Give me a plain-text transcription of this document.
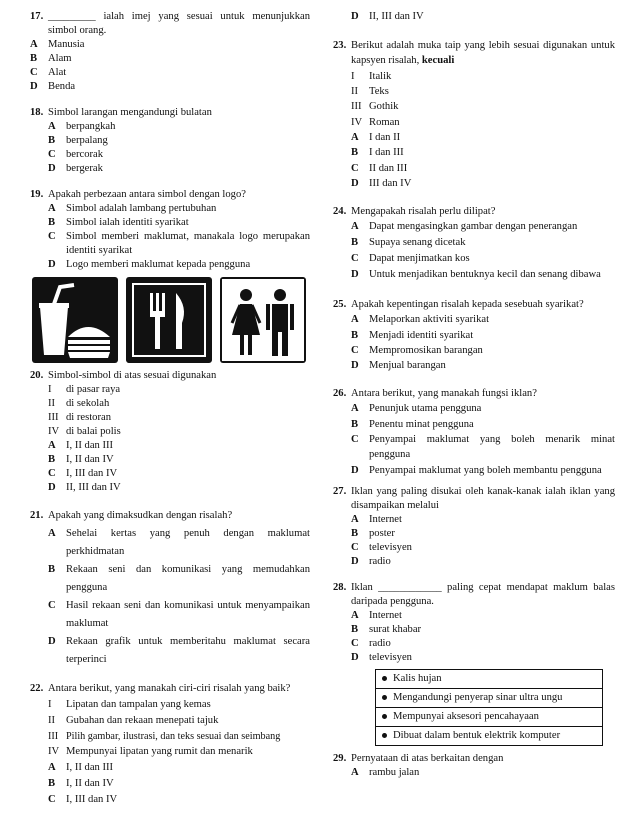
17. _________ ialah imej yang sesuai untuk menunjukkan simbol orang.
A Manusia
B Alam
C Alat
D Benda
18. Simbol larangan mengandungi bulatan
A berpangkah
B berpalang
C bercorak
D bergerak
19. Apakah perbezaan antara simbol dengan logo?
A Simbol adalah lambang pertubuhan
B Simbol ialah identiti syarikat
C Simbol memberi maklumat, manakala logo merupakan identiti syarikat
D Logo memberi maklumat kepada pengguna
20. Simbol-simbol di atas sesuai digunakan
I di pasar raya
II di sekolah
III di restoran
IV di balai polis
A I, II dan III
B I, II dan IV
C I, III dan IV
D II, III dan IV
21. Apakah yang dimaksudkan dengan risalah?
A Sehelai kertas yang penuh dengan maklumat perkhidmatan
B Rekaan seni dan komunikasi yang memudahkan pengguna
C Hasil rekaan seni dan komunikasi untuk menyampaikan maklumat
D Rekaan grafik untuk memberitahu maklumat secara terperinci
22. Antara berikut, yang manakah ciri-ciri risalah yang baik?
I Lipatan dan tampalan yang kemas
II Gubahan dan rekaan menepati tajuk
III Pilih gambar, ilustrasi, dan teks sesuai dan seimbang
IV Mempunyai lipatan yang rumit dan menarik
A I, II dan III
B I, II dan IV
C I, III dan IV
D II, III dan IV
23. Berikut adalah muka taip yang lebih sesuai digunakan untuk kapsyen risalah, kecuali
I Italik
II Teks
III Gothik
IV Roman
A I dan II
B I dan III
C II dan III
D III dan IV
24. Mengapakah risalah perlu dilipat?
A Dapat mengasingkan gambar dengan penerangan
B Supaya senang dicetak
C Dapat menjimatkan kos
D Untuk menjadikan bentuknya kecil dan senang dibawa
25. Apakah kepentingan risalah kepada sesebuah syarikat?
A Melaporkan aktiviti syarikat
B Menjadi identiti syarikat
C Mempromosikan barangan
D Menjual barangan
26. Antara berikut, yang manakah fungsi iklan?
A Penunjuk utama pengguna
B Penentu minat pengguna
C Penyampai maklumat yang boleh menarik minat pengguna
D Penyampai maklumat yang boleh membantu pengguna
27. Iklan yang paling disukai oleh kanak-kanak ialah iklan yang disampaikan melalui
A Internet
B poster
C televisyen
D radio
28. Iklan ____________ paling cepat mendapat maklum balas daripada pengguna.
A Internet
B surat khabar
C radio
D televisyen
Kalis hujan
Mengandungi penyerap sinar ultra ungu
Mempunyai aksesori pencahayaan
Dibuat dalam bentuk elektrik komputer
29. Pernyataan di atas berkaitan dengan
A rambu jalan
